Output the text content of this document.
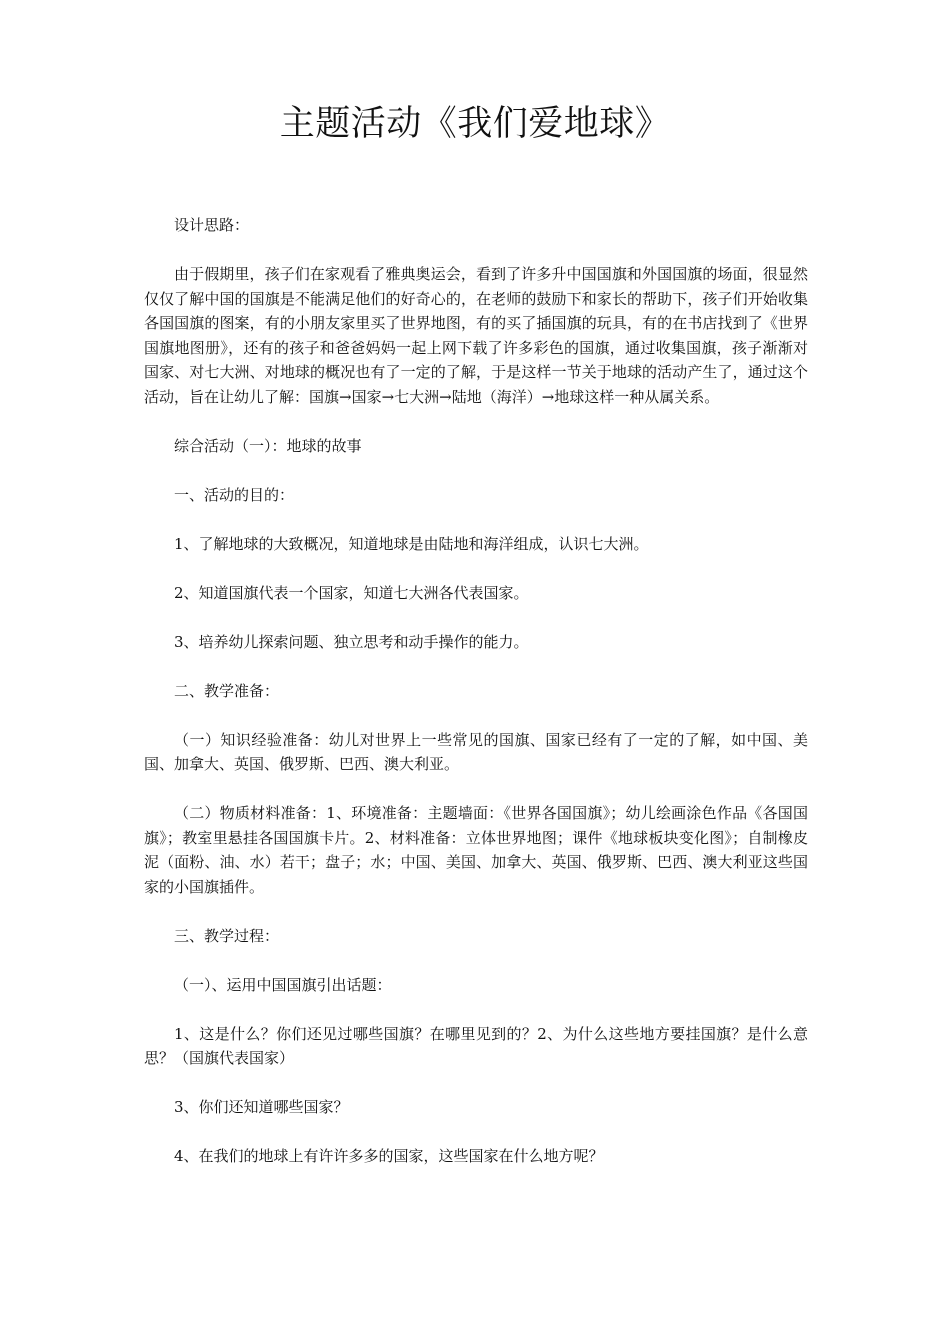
主题活动《我们爱地球》

设计思路：

由于假期里，孩子们在家观看了雅典奥运会，看到了许多升中国国旗和外国国旗的场面，很显然仅仅了解中国的国旗是不能满足他们的好奇心的，在老师的鼓励下和家长的帮助下，孩子们开始收集各国国旗的图案，有的小朋友家里买了世界地图，有的买了插国旗的玩具，有的在书店找到了《世界国旗地图册》，还有的孩子和爸爸妈妈一起上网下载了许多彩色的国旗，通过收集国旗，孩子渐渐对国家、对七大洲、对地球的概况也有了一定的了解，于是这样一节关于地球的活动产生了，通过这个活动，旨在让幼儿了解：国旗→国家→七大洲→陆地（海洋）→地球这样一种从属关系。

综合活动（一）：地球的故事

一、活动的目的：

1、了解地球的大致概况，知道地球是由陆地和海洋组成，认识七大洲。

2、知道国旗代表一个国家，知道七大洲各代表国家。

3、培养幼儿探索问题、独立思考和动手操作的能力。

二、教学准备：

（一）知识经验准备：幼儿对世界上一些常见的国旗、国家已经有了一定的了解，如中国、美国、加拿大、英国、俄罗斯、巴西、澳大利亚。

（二）物质材料准备：1、环境准备：主题墙面：《世界各国国旗》；幼儿绘画涂色作品《各国国旗》；教室里悬挂各国国旗卡片。2、材料准备：立体世界地图；课件《地球板块变化图》；自制橡皮泥（面粉、油、水）若干；盘子；水；中国、美国、加拿大、英国、俄罗斯、巴西、澳大利亚这些国家的小国旗插件。

三、教学过程：

（一）、运用中国国旗引出话题：

1、这是什么？你们还见过哪些国旗？在哪里见到的？2、为什么这些地方要挂国旗？是什么意思？（国旗代表国家）

3、你们还知道哪些国家？

4、在我们的地球上有许许多多的国家，这些国家在什么地方呢？
